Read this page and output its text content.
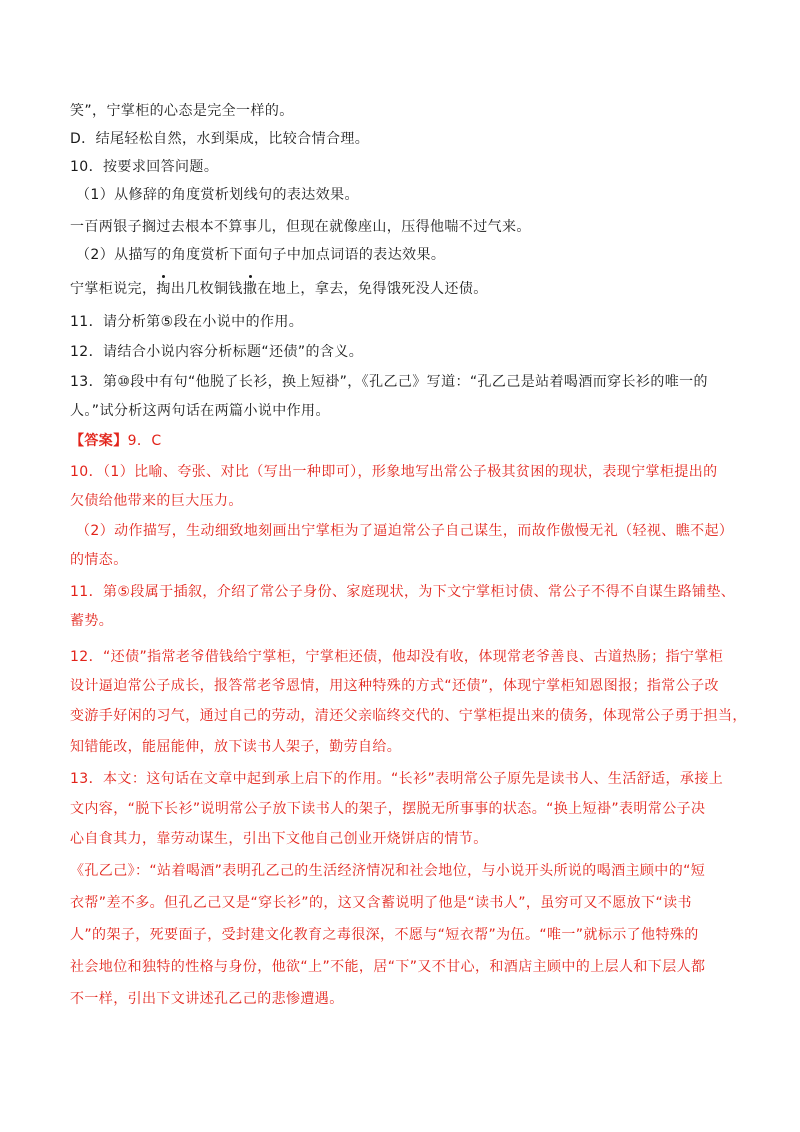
笑”，宁掌柜的心态是完全一样的。
D．结尾轻松自然，水到渠成，比较合情合理。
10．按要求回答问题。
（1）从修辞的角度赏析划线句的表达效果。
一百两银子搁过去根本不算事儿，但现在就像座山，压得他喘不过气来。
（2）从描写的角度赏析下面句子中加点词语的表达效果。
宁掌柜说完，掏出几枚铜钱撒在地上，拿去，免得饿死没人还债。
11．请分析第⑤段在小说中的作用。
12．请结合小说内容分析标题“还债”的含义。
13．第⑩段中有句“他脱了长衫，换上短褂”，《孔乙己》写道：“孔乙己是站着喝酒而穿长衫的唯一的
人。”试分析这两句话在两篇小说中作用。
【答案】9．C
10．（1）比喻、夸张、对比（写出一种即可），形象地写出常公子极其贫困的现状，表现宁掌柜提出的
欠债给他带来的巨大压力。
（2）动作描写，生动细致地刻画出宁掌柜为了逼迫常公子自己谋生，而故作傲慢无礼（轻视、瞧不起）
的情态。
11．第⑤段属于插叙，介绍了常公子身份、家庭现状，为下文宁掌柜讨债、常公子不得不自谋生路铺垫、
蓄势。
12．“还债”指常老爷借钱给宁掌柜，宁掌柜还债，他却没有收，体现常老爷善良、古道热肠；指宁掌柜
设计逼迫常公子成长，报答常老爷恩情，用这种特殊的方式“还债”，体现宁掌柜知恩图报；指常公子改
变游手好闲的习气，通过自己的劳动，清还父亲临终交代的、宁掌柜提出来的债务，体现常公子勇于担当，
知错能改，能屈能伸，放下读书人架子，勤劳自给。
13．本文：这句话在文章中起到承上启下的作用。“长衫”表明常公子原先是读书人、生活舒适，承接上
文内容，“脱下长衫”说明常公子放下读书人的架子，摆脱无所事事的状态。“换上短褂”表明常公子决
心自食其力，靠劳动谋生，引出下文他自己创业开烧饼店的情节。
《孔乙己》：“站着喝酒”表明孔乙己的生活经济情况和社会地位，与小说开头所说的喝酒主顾中的“短
衣帮”差不多。但孔乙己又是“穿长衫”的，这又含蓄说明了他是“读书人”，虽穷可又不愿放下“读书
人”的架子，死要面子，受封建文化教育之毒很深，不愿与“短衣帮”为伍。“唯一”就标示了他特殊的
社会地位和独特的性格与身份，他欲“上”不能，居“下”又不甘心，和酒店主顾中的上层人和下层人都
不一样，引出下文讲述孔乙己的悲惨遭遇。
